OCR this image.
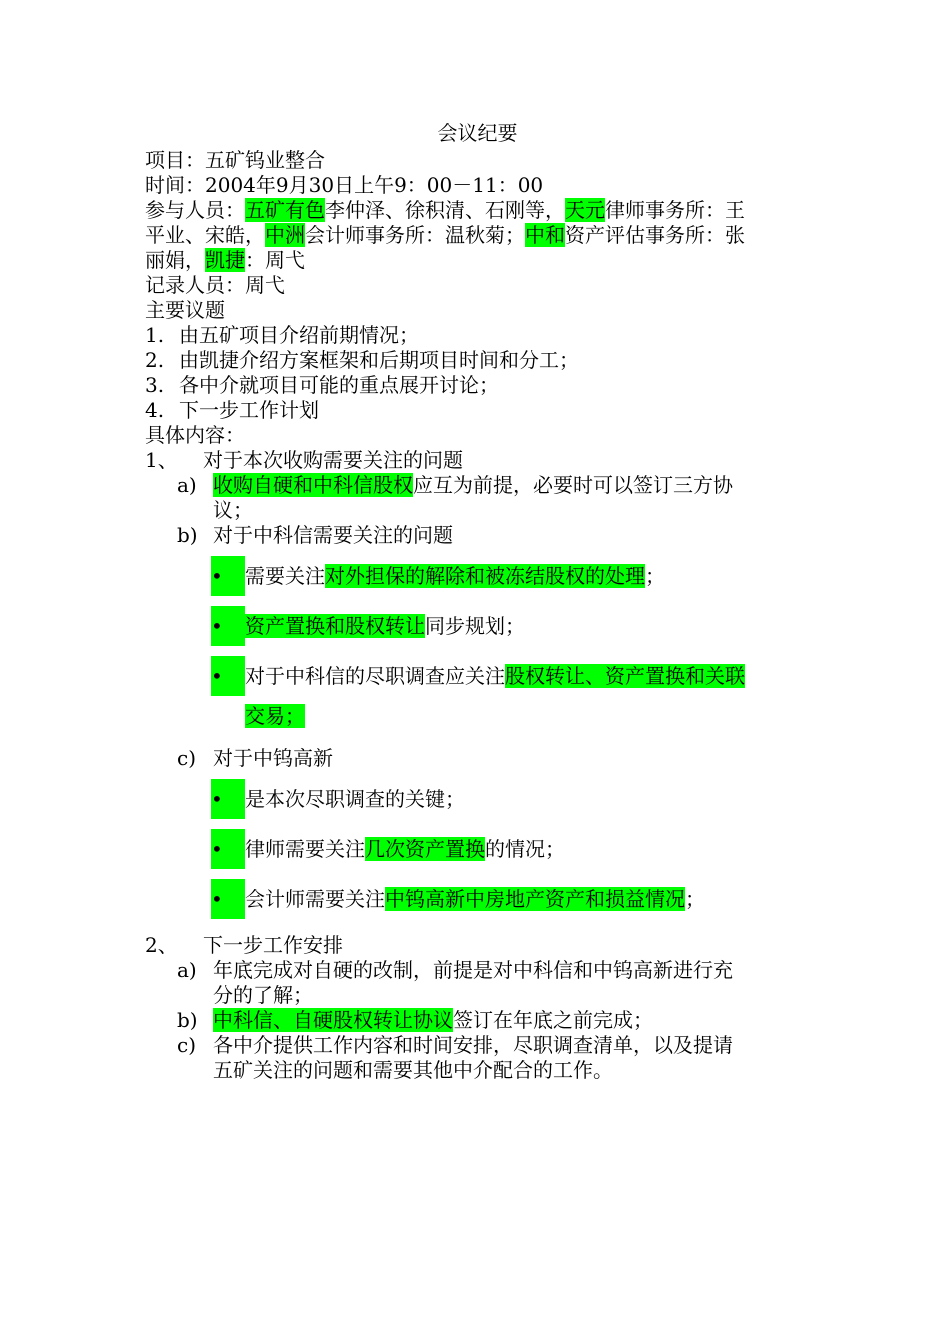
会议纪要
项目：五矿钨业整合
时间：2004年9月30日上午9：00－11：00
参与人员：五矿有色李仲泽、徐积清、石刚等，天元律师事务所：王
平业、宋皓，中洲会计师事务所：温秋菊；中和资产评估事务所：张
丽娟，凯捷：周弋
记录人员：周弋
主要议题
1. 由五矿项目介绍前期情况；
2. 由凯捷介绍方案框架和后期项目时间和分工；
3. 各中介就项目可能的重点展开讨论；
4. 下一步工作计划
具体内容：
1、 对于本次收购需要关注的问题
a) 收购自硬和中科信股权应互为前提，必要时可以签订三方协
议；
b) 对于中科信需要关注的问题
•	需要关注对外担保的解除和被冻结股权的处理；
•	资产置换和股权转让同步规划；
•	对于中科信的尽职调查应关注股权转让、资产置换和关联
交易；
c) 对于中钨高新
•	是本次尽职调查的关键；
•	律师需要关注几次资产置换的情况；
•	会计师需要关注中钨高新中房地产资产和损益情况；
2、 下一步工作安排
a) 年底完成对自硬的改制，前提是对中科信和中钨高新进行充
分的了解；
b) 中科信、自硬股权转让协议签订在年底之前完成；
c) 各中介提供工作内容和时间安排，尽职调查清单，以及提请
五矿关注的问题和需要其他中介配合的工作。
